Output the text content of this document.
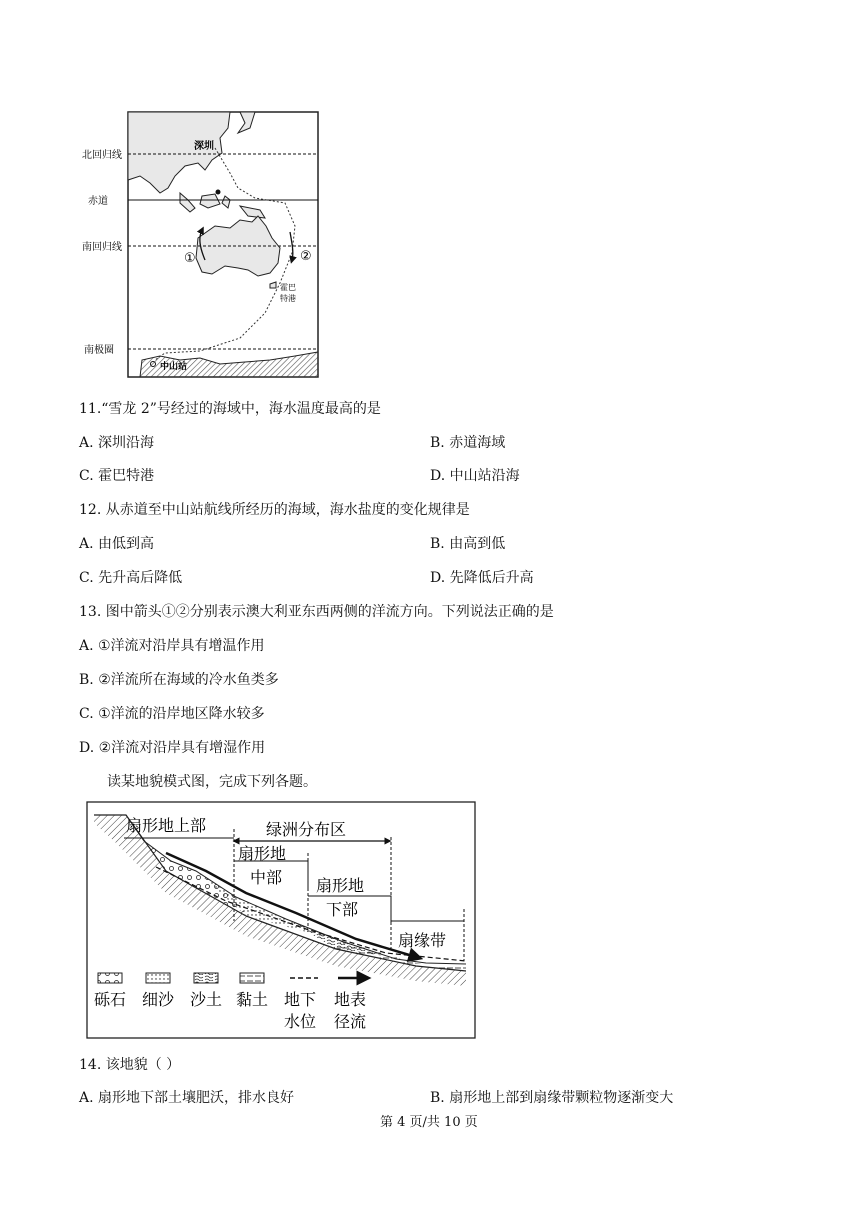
北回归线
赤道
南回归线
南极圈
深圳
霍巴
特港
中山站
①	②
11.“雪龙 2”号经过的海域中，海水温度最高的是
A. 深圳沿海	B. 赤道海域
C. 霍巴特港	D. 中山站沿海
12. 从赤道至中山站航线所经历的海域，海水盐度的变化规律是
A. 由低到高	B. 由高到低
C. 先升高后降低	D. 先降低后升高
13. 图中箭头①②分别表示澳大利亚东西两侧的洋流方向。下列说法正确的是
A. ①洋流对沿岸具有增温作用
B. ②洋流所在海域的冷水鱼类多
C. ①洋流的沿岸地区降水较多
D. ②洋流对沿岸具有增湿作用
读某地貌模式图，完成下列各题。
扇形地上部	绿洲分布区
扇形地
中部 扇形地
下部
扇缘带
砾石 细沙 沙土 黏土 地下
水位
地表
径流
14. 该地貌（ ）
A. 扇形地下部土壤肥沃，排水良好	B. 扇形地上部到扇缘带颗粒物逐渐变大
第 4 页/共 10 页
